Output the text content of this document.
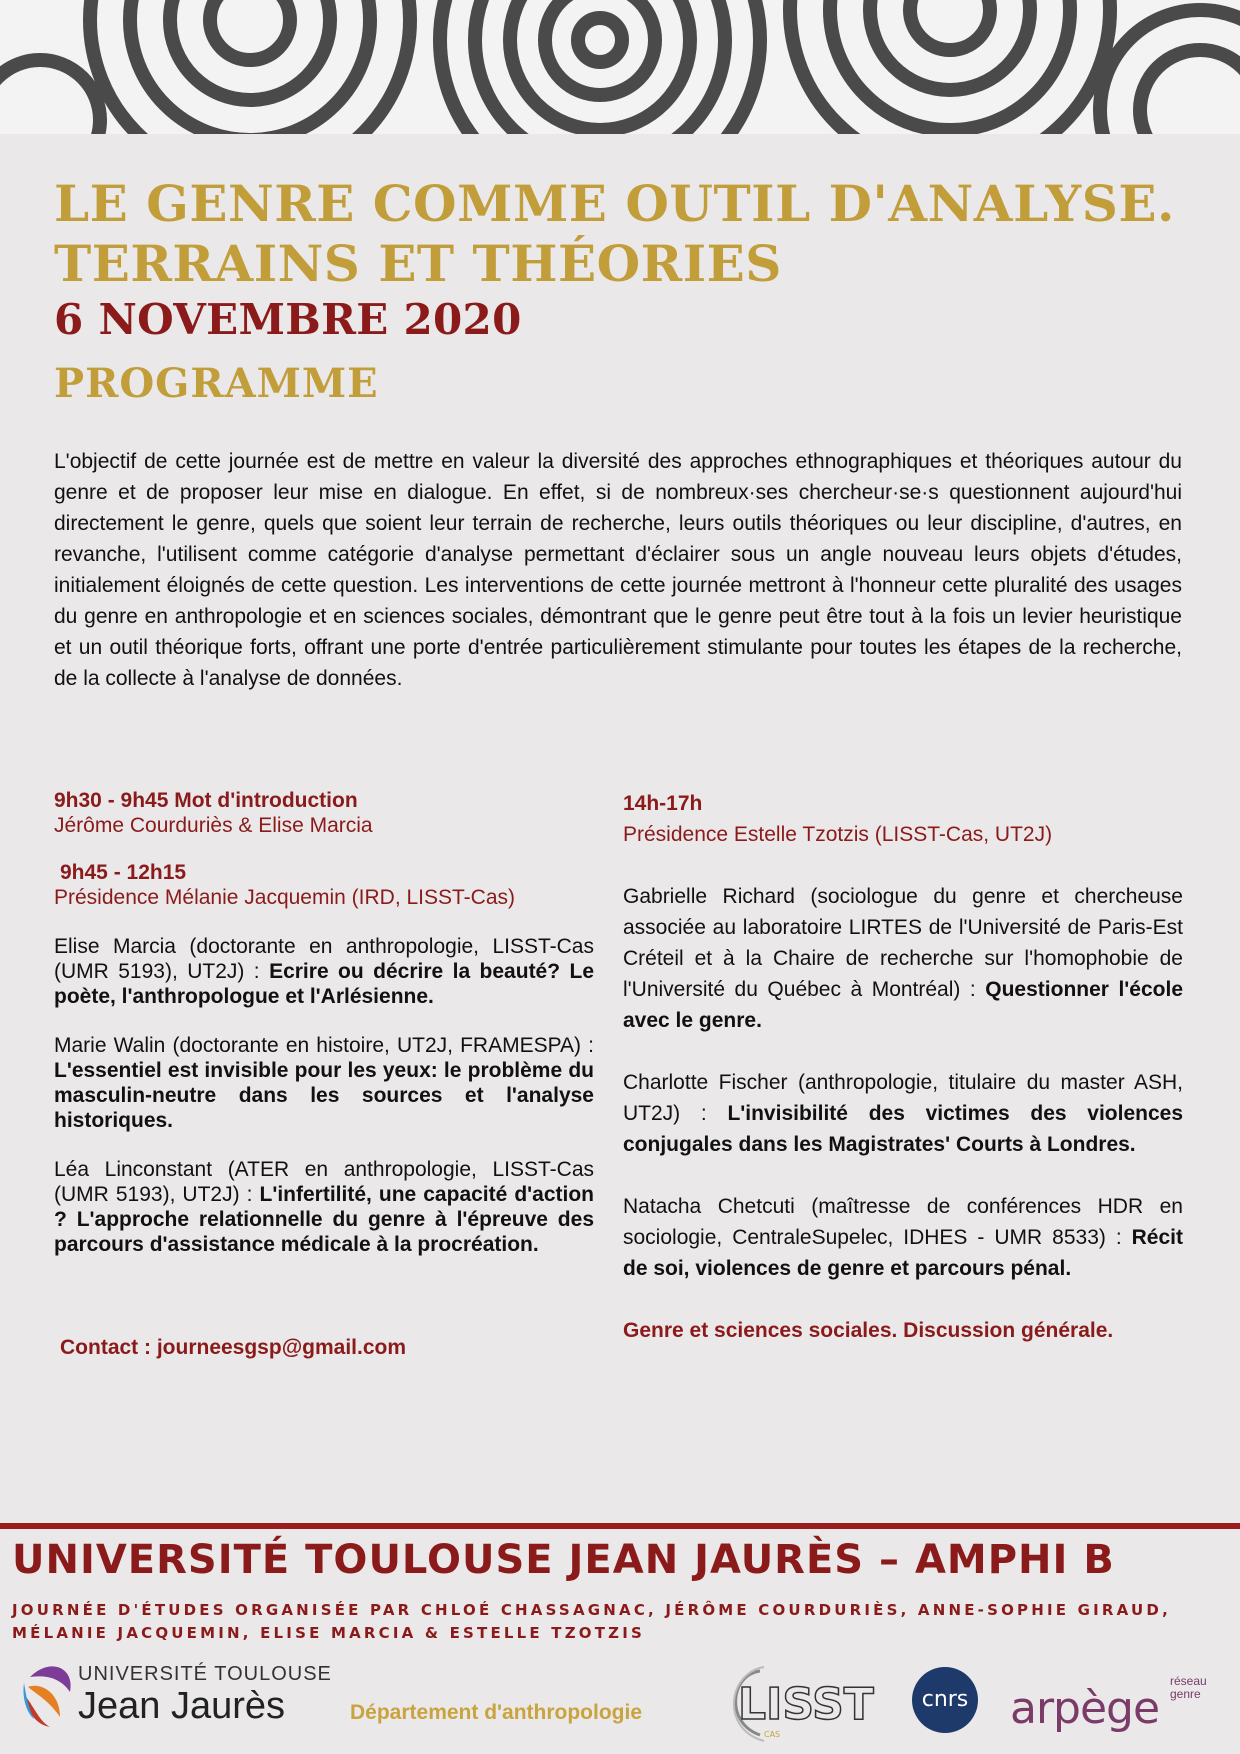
LE GENRE COMME OUTIL D'ANALYSE.
TERRAINS ET THÉORIES
6 NOVEMBRE 2020
PROGRAMME

L'objectif de cette journée est de mettre en valeur la diversité des approches ethnographiques et théoriques autour du genre et de proposer leur mise en dialogue. En effet, si de nombreux·ses chercheur·se·s questionnent aujourd'hui directement le genre, quels que soient leur terrain de recherche, leurs outils théoriques ou leur discipline, d'autres, en revanche, l'utilisent comme catégorie d'analyse permettant d'éclairer sous un angle nouveau leurs objets d'études, initialement éloignés de cette question. Les interventions de cette journée mettront à l'honneur cette pluralité des usages du genre en anthropologie et en sciences sociales, démontrant que le genre peut être tout à la fois un levier heuristique et un outil théorique forts, offrant une porte d'entrée particulièrement stimulante pour toutes les étapes de la recherche, de la collecte à l'analyse de données.

9h30 - 9h45 Mot d'introduction

Jérôme Courduriès & Elise Marcia

9h45 - 12h15

Présidence Mélanie Jacquemin (IRD, LISST-Cas)

Elise Marcia (doctorante en anthropologie, LISST-Cas (UMR 5193), UT2J) : Ecrire ou décrire la beauté? Le poète, l'anthropologue et l'Arlésienne.

Marie Walin (doctorante en histoire, UT2J, FRAMESPA) : L'essentiel est invisible pour les yeux: le problème du masculin-neutre dans les sources et l'analyse historiques.

Léa Linconstant (ATER en anthropologie, LISST-Cas (UMR 5193), UT2J) : L'infertilité, une capacité d'action ? L'approche relationnelle du genre à l'épreuve des parcours d'assistance médicale à la procréation.

14h-17h

Présidence Estelle Tzotzis (LISST-Cas, UT2J)

Gabrielle Richard (sociologue du genre et chercheuse associée au laboratoire LIRTES de l'Université de Paris-Est Créteil et à la Chaire de recherche sur l'homophobie de l'Université du Québec à Montréal) : Questionner l'école avec le genre.

Charlotte Fischer (anthropologie, titulaire du master ASH, UT2J) : L'invisibilité des victimes des violences conjugales dans les Magistrates' Courts à Londres.

Natacha Chetcuti (maîtresse de conférences HDR en sociologie, CentraleSupelec, IDHES - UMR 8533) : Récit de soi, violences de genre et parcours pénal.

Genre et sciences sociales. Discussion générale.

Contact : journeesgsp@gmail.com

UNIVERSITÉ TOULOUSE JEAN JAURÈS – AMPHI B

JOURNÉE D'ÉTUDES ORGANISÉE PAR CHLOÉ CHASSAGNAC, JÉRÔME COURDURIÈS, ANNE-SOPHIE GIRAUD, MÉLANIE JACQUEMIN, ELISE MARCIA & ESTELLE TZOTZIS

UNIVERSITÉ TOULOUSE
Jean Jaurès	Département d'anthropologie LISST
CAS
cnrs arpège
réseau
genre
